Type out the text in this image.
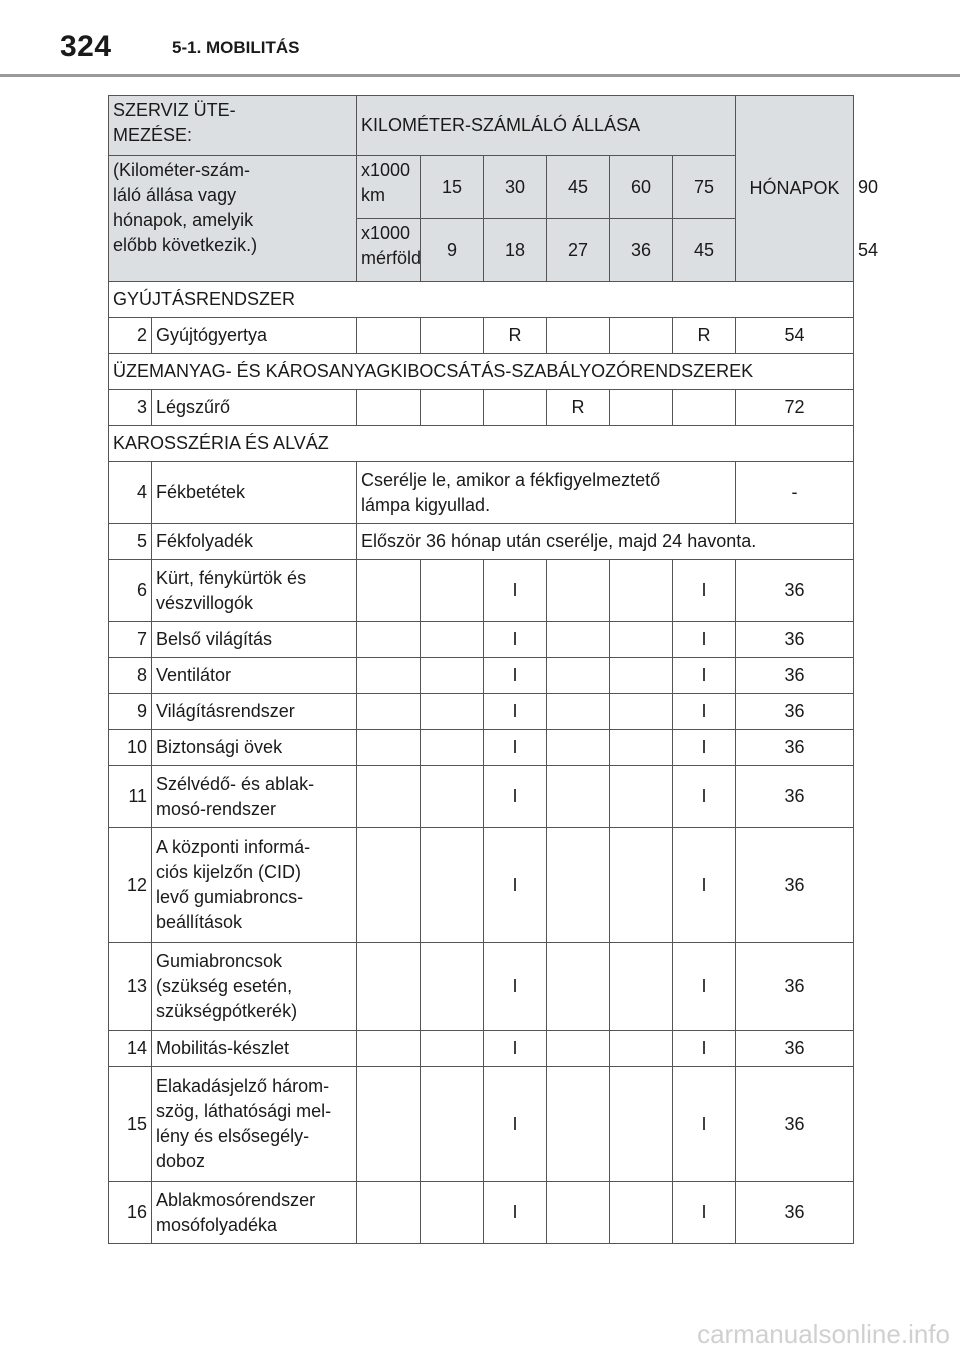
324	5-1. MOBILITÁS
SZERVIZ ÜTE-
MEZÉSE:		KILOMÉTER-SZÁMLÁLÓ ÁLLÁSA						HÓNAPOK	
(Kilométer-szám-
láló állása vagy
hónapok, amelyik
előbb következik.)		x1000
km	15	30	45	60	75		90
		x1000
mérföld	9	18	27	36	45		54
GYÚJTÁSRENDSZER									
2	Gyújtógyertya			R			R	54	
ÜZEMANYAG- ÉS KÁROSANYAGKIBOCSÁTÁS-SZABÁLYOZÓRENDSZEREK									
3	Légszűrő				R			72	
KAROSSZÉRIA ÉS ALVÁZ									
4	Fékbetétek	Cserélje le, amikor a fékfigyelmeztető
lámpa kigyullad.						-	
5	Fékfolyadék	Először 36 hónap után cserélje, majd 24 havonta.							
6	Kürt, fénykürtök és
vészvillogók			I			I	36	
7	Belső világítás			I			I	36	
8	Ventilátor			I			I	36	
9	Világításrendszer			I			I	36	
10	Biztonsági övek			I			I	36	
11	Szélvédő- és ablak-
mosó-rendszer			I			I	36	
12	A központi informá-
ciós kijelzőn (CID)
levő gumiabroncs-
beállítások			I			I	36	
13	Gumiabroncsok
(szükség esetén,
szükségpótkerék)			I			I	36	
14	Mobilitás-készlet			I			I	36	
15	Elakadásjelző három-
szög, láthatósági mel-
lény és elsősegély-
doboz			I			I	36	
16	Ablakmosórendszer
mosófolyadéka			I			I	36	
carmanualsonline.info
